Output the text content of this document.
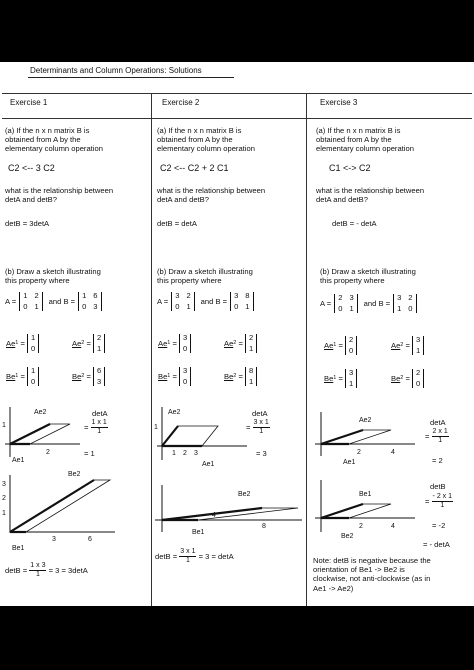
Determinants and Column Operations: Solutions
Exercise 1
(a) If the n x n matrix B is
obtained from A by the
elementary column operation
C2 <-- 3 C2
what is the relationship between
detA and detB?
detB = 3detA
(b) Draw a sketch illustrating
this property where
A =
1 2
0 1
and B =
1 6
0 3
Ae 1 =
1
0
Ae 2 =
2
1
Be 1 =
1
0
Be 2 =
6
3
1
2
Ae2
Ae1
detA
= $\frac{1 x 1}{1}$
= 1
3	6
3
2
1
Be2
Be1
detB =
$\frac{1 x 3}{1}$
= 3 = 3detA
Exercise 2
(a) If the n x n matrix B is
obtained from A by the
elementary column operation
C2 <-- C2 + 2 C1
what is the relationship between
detA and detB?
detB = detA
(b) Draw a sketch illustrating
this property where
A =
3 2
0 1
and B =
3 8
0 1
Ae 1 =
3
0
Ae 2 =
2
1
Be 1 =
3
0
Be 2 =
8
1
1 2 3
1
Ae2
Ae1
detA
= $\frac{3 x 1}{1}$
= 3
4
8
Be2
Be1
detB =
$\frac{3 x 1}{1}$
= 3 = detA
Exercise 3
(a) If the n x n matrix B is
obtained from A by the
elementary column operation
C1 <-> C2
what is the relationship between
detA and detB?
detB = - detA
(b) Draw a sketch illustrating
this property where
A =
2 3
0 1
and B =
3 2
1 0
Ae 1 =
2
0
Ae 2 =
3
1
Be 1 =
3
1
Be 2 =
2
0
2	4
Ae2
Ae1
detA
= $\frac{2 x 1}{1}$
= 2
2	4
Be1
Be2
detB
= $\frac{- 2 x 1}{1}$
= -2
= - detA
Note: detB is negative because the
orientation of Be1 -> Be2 is
clockwise, not anti-clockwise (as in
Ae1 -> Ae2)
